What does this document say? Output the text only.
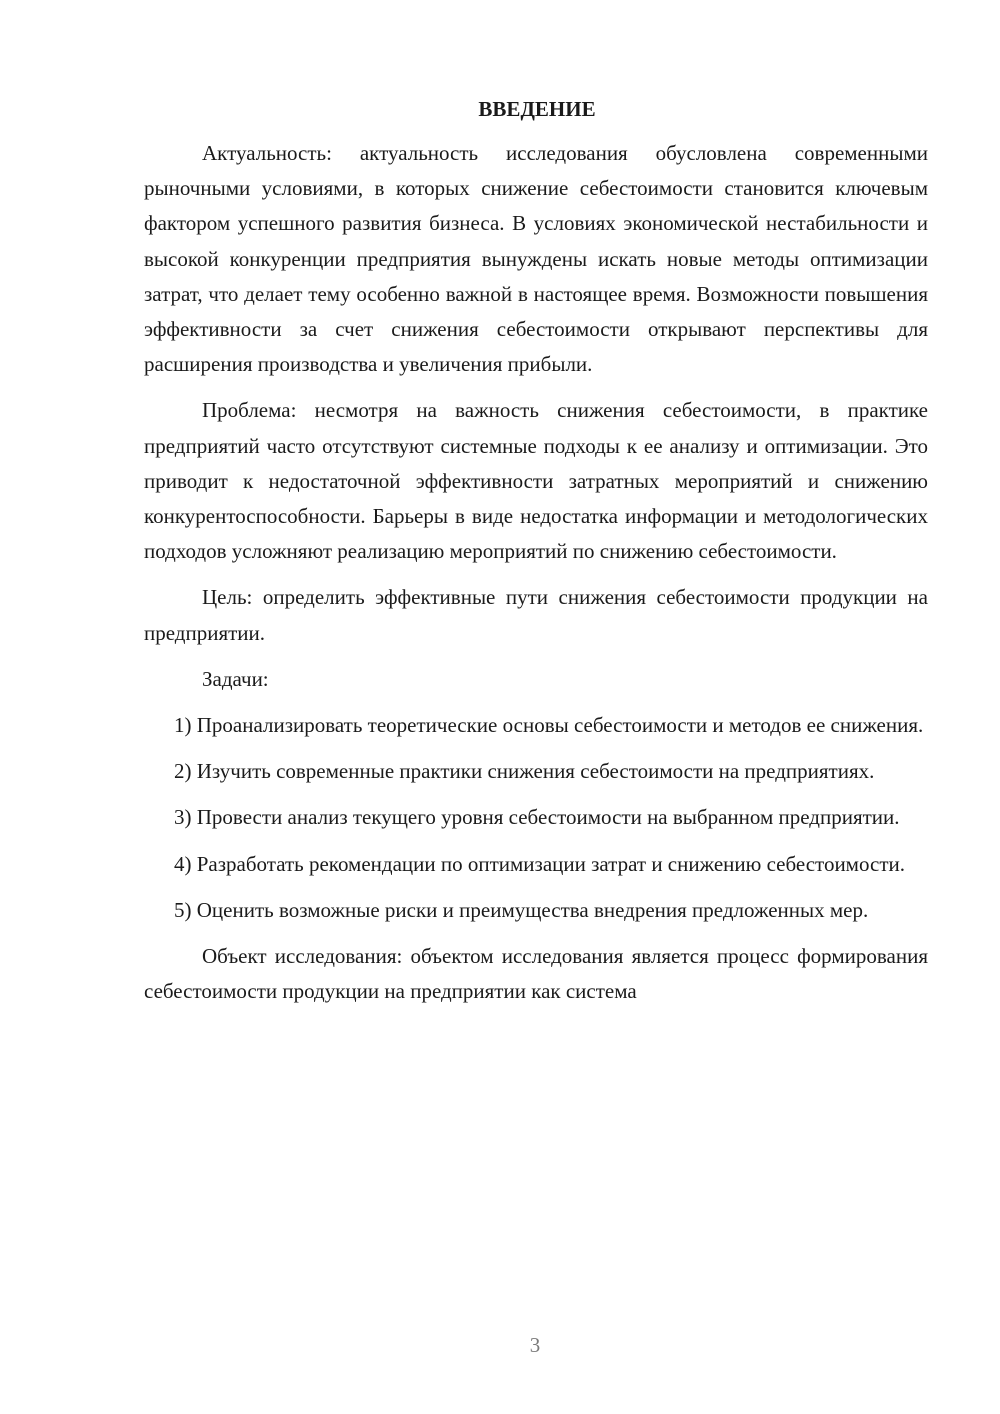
ВВЕДЕНИЕ

Актуальность: актуальность исследования обусловлена современными рыночными условиями, в которых снижение себестоимости становится ключевым фактором успешного развития бизнеса. В условиях экономической нестабильности и высокой конкуренции предприятия вынуждены искать новые методы оптимизации затрат, что делает тему особенно важной в настоящее время. Возможности повышения эффективности за счет снижения себестоимости открывают перспективы для расширения производства и увеличения прибыли.

Проблема: несмотря на важность снижения себестоимости, в практике предприятий часто отсутствуют системные подходы к ее анализу и оптимизации. Это приводит к недостаточной эффективности затратных мероприятий и снижению конкурентоспособности. Барьеры в виде недостатка информации и методологических подходов усложняют реализацию мероприятий по снижению себестоимости.

Цель: определить эффективные пути снижения себестоимости продукции на предприятии.

Задачи:

1) Проанализировать теоретические основы себестоимости и методов ее снижения.

2) Изучить современные практики снижения себестоимости на предприятиях.

3) Провести анализ текущего уровня себестоимости на выбранном предприятии.

4) Разработать рекомендации по оптимизации затрат и снижению себестоимости.

5) Оценить возможные риски и преимущества внедрения предложенных мер.

Объект исследования: объектом исследования является процесс формирования себестоимости продукции на предприятии как система

3
